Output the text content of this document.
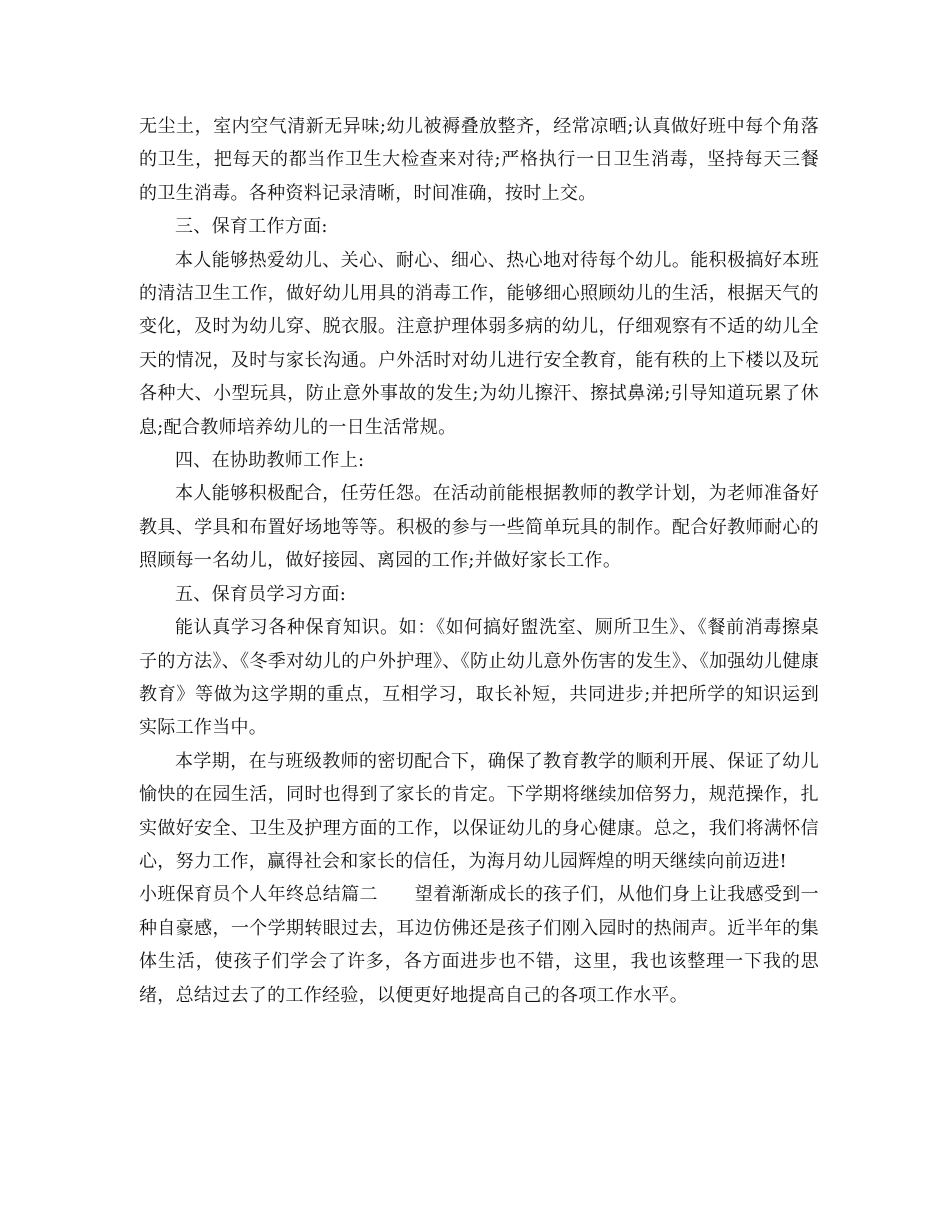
无尘土，室内空气清新无异味;幼儿被褥叠放整齐，经常凉晒;认真做好班中每个角落的卫生，把每天的都当作卫生大检查来对待;严格执行一日卫生消毒，坚持每天三餐的卫生消毒。各种资料记录清晰，时间准确，按时上交。

三、保育工作方面:

本人能够热爱幼儿、关心、耐心、细心、热心地对待每个幼儿。能积极搞好本班的清洁卫生工作，做好幼儿用具的消毒工作，能够细心照顾幼儿的生活，根据天气的变化，及时为幼儿穿、脱衣服。注意护理体弱多病的幼儿，仔细观察有不适的幼儿全天的情况，及时与家长沟通。户外活时对幼儿进行安全教育，能有秩的上下楼以及玩各种大、小型玩具，防止意外事故的发生;为幼儿擦汗、擦拭鼻涕;引导知道玩累了休息;配合教师培养幼儿的一日生活常规。

四、在协助教师工作上:

本人能够积极配合，任劳任怨。在活动前能根据教师的教学计划，为老师准备好教具、学具和布置好场地等等。积极的参与一些简单玩具的制作。配合好教师耐心的照顾每一名幼儿，做好接园、离园的工作;并做好家长工作。

五、保育员学习方面:

能认真学习各种保育知识。如：《如何搞好盥洗室、厕所卫生》、《餐前消毒擦桌子的方法》、《冬季对幼儿的户外护理》、《防止幼儿意外伤害的发生》、《加强幼儿健康教育》等做为这学期的重点，互相学习，取长补短，共同进步;并把所学的知识运到实际工作当中。

本学期，在与班级教师的密切配合下，确保了教育教学的顺利开展、保证了幼儿愉快的在园生活，同时也得到了家长的肯定。下学期将继续加倍努力，规范操作，扎实做好安全、卫生及护理方面的工作，以保证幼儿的身心健康。总之，我们将满怀信心，努力工作，赢得社会和家长的信任，为海月幼儿园辉煌的明天继续向前迈进!

小班保育员个人年终总结篇二　　望着渐渐成长的孩子们，从他们身上让我感受到一种自豪感，一个学期转眼过去，耳边仿佛还是孩子们刚入园时的热闹声。近半年的集体生活，使孩子们学会了许多，各方面进步也不错，这里，我也该整理一下我的思绪，总结过去了的工作经验，以便更好地提高自己的各项工作水平。
